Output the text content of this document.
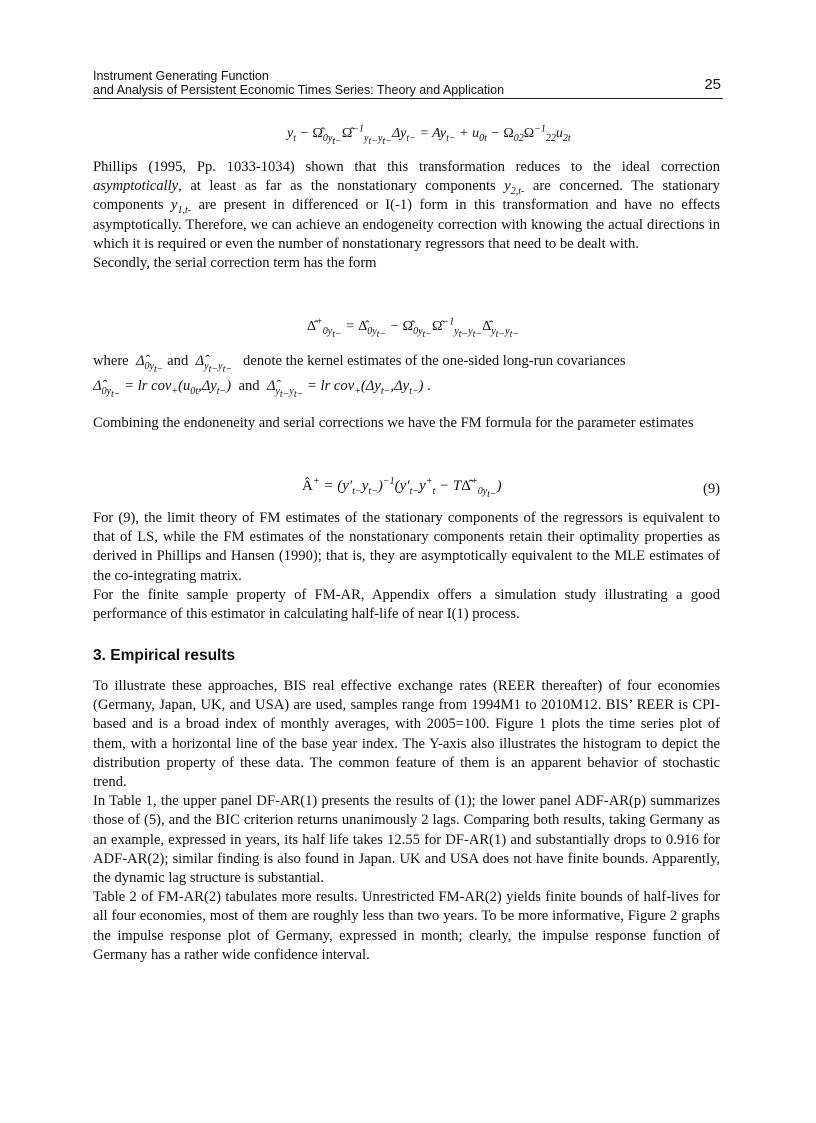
Instrument Generating Function
and Analysis of Persistent Economic Times Series: Theory and Application	25
$y_t$ − $\Omegâ_{0y_{t-}}\Omegâ^{-1}_{y_{t-}y_{t-}}\Delta y_{t-} = Ay_{t-} + u_{0t} - \Omega_{02}\Omega^{-1}_{22}u_{2t}$

Phillips (1995, Pp. 1033-1034) shown that this transformation reduces to the ideal correction asymptotically, at least as far as the nonstationary components $y_{2,t-}$ are concerned. The stationary components $y_{1,t-}$ are present in differenced or I(-1) form in this transformation and have no effects asymptotically. Therefore, we can achieve an endogeneity correction with knowing the actual directions in which it is required or even the number of nonstationary regressors that need to be dealt with.

Secondly, the serial correction term has the form

$\Deltâ^+_{0y_{t-}}$ = $\Deltâ_{0y_{t-}}$ − $\Omegâ_{0y_{t-}}\Omegâ^{-1}_{y_{t-}y_{t-}}\Deltâ_{y_{t-}y_{t-}}$

where $\Deltâ_{0y_{t-}}$ and $\Deltâ_{y_{t-}y_{t-}}$   denote the kernel estimates of the one-sided long-run covariances

$\Deltâ_{0y_{t-}}$ = lr $cov_+(u_{0t},\Delta y_{t-})$ and $\Deltâ_{y_{t-}y_{t-}}$ = lr $cov_+(\Delta y_{t-},\Delta y_{t-})$ .

Combining the endoneneity and serial corrections we have the FM formula for the parameter estimates

Â+ = $(y'_{t-}y_{t-})^{-1}(y'_{t-}y^+_t$ − $T\Deltâ^+_{0y_{t-}}$)	(9)

For (9), the limit theory of FM estimates of the stationary components of the regressors is equivalent to that of LS, while the FM estimates of the nonstationary components retain their optimality properties as derived in Phillips and Hansen (1990); that is, they are asymptotically equivalent to the MLE estimates of the co-integrating matrix.

For the finite sample property of FM-AR, Appendix offers a simulation study illustrating a good performance of this estimator in calculating half-life of near I(1) process.

3. Empirical results

To illustrate these approaches, BIS real effective exchange rates (REER thereafter) of four economies (Germany, Japan, UK, and USA) are used, samples range from 1994M1 to 2010M12. BIS’ REER is CPI-based and is a broad index of monthly averages, with 2005=100. Figure 1 plots the time series plot of them, with a horizontal line of the base year index. The Y-axis also illustrates the histogram to depict the distribution property of these data. The common feature of them is an apparent behavior of stochastic trend.

In Table 1, the upper panel DF-AR(1) presents the results of (1); the lower panel ADF-AR(p) summarizes those of (5), and the BIC criterion returns unanimously 2 lags. Comparing both results, taking Germany as an example, expressed in years, its half life takes 12.55 for DF-AR(1) and substantially drops to 0.916 for ADF-AR(2); similar finding is also found in Japan. UK and USA does not have finite bounds. Apparently, the dynamic lag structure is substantial.

Table 2 of FM-AR(2) tabulates more results. Unrestricted FM-AR(2) yields finite bounds of half-lives for all four economies, most of them are roughly less than two years. To be more informative, Figure 2 graphs the impulse response plot of Germany, expressed in month; clearly, the impulse response function of Germany has a rather wide confidence interval.
